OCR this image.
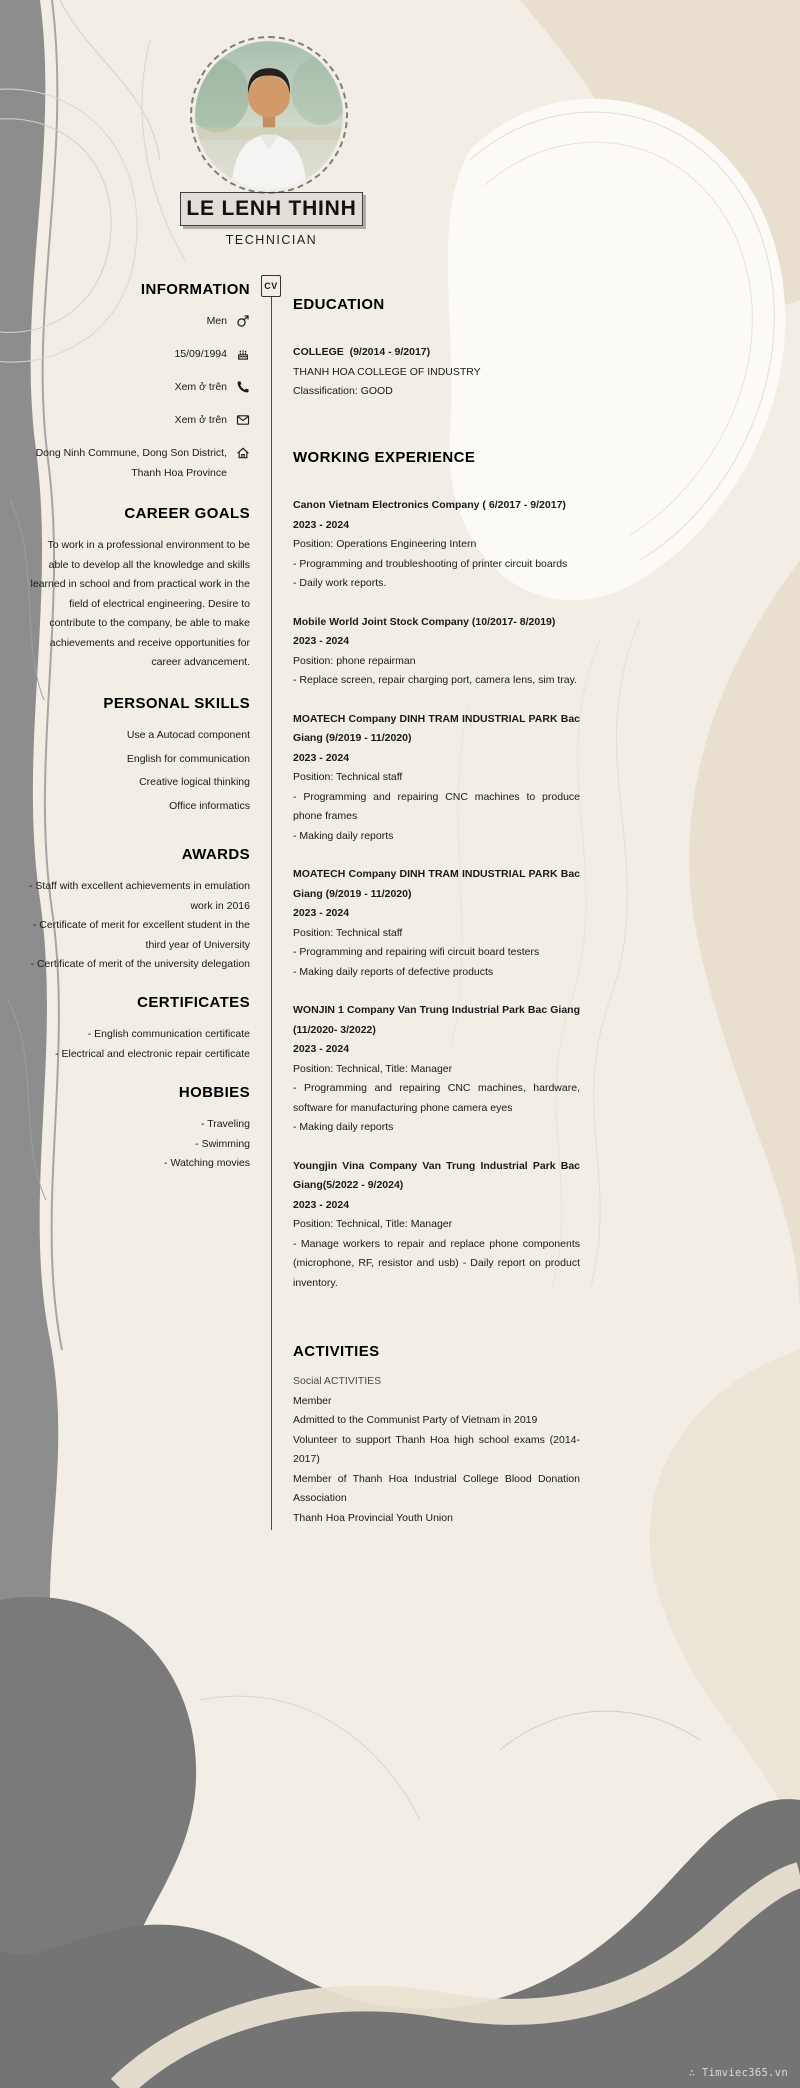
LE LENH THINH
TECHNICIAN
CV
INFORMATION
Men
15/09/1994
Xem ở trên
Xem ở trên
Dong Ninh Commune, Dong Son District, Thanh Hoa Province
CAREER GOALS

To work in a professional environment to be able to develop all the knowledge and skills learned in school and from practical work in the field of electrical engineering. Desire to contribute to the company, be able to make achievements and receive opportunities for career advancement.

PERSONAL SKILLS

Use a Autocad component

English for communication

Creative logical thinking

Office informatics

AWARDS

- Staff with excellent achievements in emulation work in 2016

- Certificate of merit for excellent student in the third year of University

- Certificate of merit of the university delegation

CERTIFICATES

- English communication certificate

- Electrical and electronic repair certificate

HOBBIES

- Traveling

- Swimming

- Watching movies

EDUCATION

COLLEGE  (9/2014 - 9/2017)

THANH HOA COLLEGE OF INDUSTRY

Classification: GOOD

WORKING EXPERIENCE

Canon Vietnam Electronics Company ( 6/2017 - 9/2017)

2023 - 2024

Position: Operations Engineering Intern

- Programming and troubleshooting of printer circuit boards

- Daily work reports.

Mobile World Joint Stock Company (10/2017- 8/2019)

2023 - 2024

Position: phone repairman

- Replace screen, repair charging port, camera lens, sim tray.

MOATECH Company DINH TRAM INDUSTRIAL PARK Bac Giang (9/2019 - 11/2020)

2023 - 2024

Position: Technical staff

- Programming and repairing CNC machines to produce phone frames

- Making daily reports

MOATECH Company DINH TRAM INDUSTRIAL PARK Bac Giang (9/2019 - 11/2020)

2023 - 2024

Position: Technical staff

- Programming and repairing wifi circuit board testers

- Making daily reports of defective products

WONJIN 1 Company Van Trung Industrial Park Bac Giang (11/2020- 3/2022)

2023 - 2024

Position: Technical, Title: Manager

- Programming and repairing CNC machines, hardware, software for manufacturing phone camera eyes

- Making daily reports

Youngjin Vina Company Van Trung Industrial Park Bac Giang(5/2022 - 9/2024)

2023 - 2024

Position: Technical, Title: Manager

- Manage workers to repair and replace phone components (microphone, RF, resistor and usb) - Daily report on product inventory.

ACTIVITIES

Social ACTIVITIES

Member

Admitted to the Communist Party of Vietnam in 2019

Volunteer to support Thanh Hoa high school exams (2014-2017)

Member of Thanh Hoa Industrial College Blood Donation Association

Thanh Hoa Provincial Youth Union

∴ Timviec365.vn
